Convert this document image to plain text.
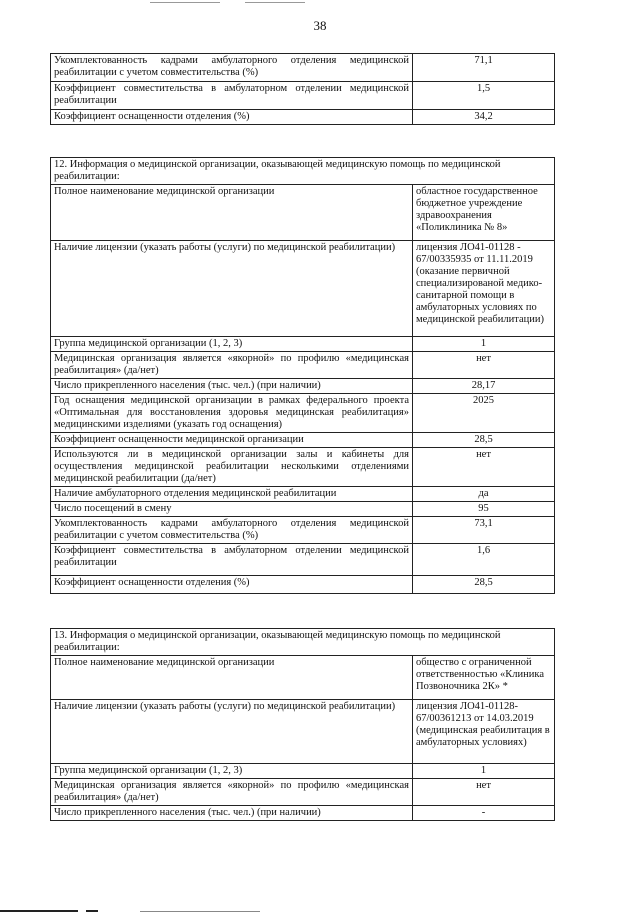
38
Укомплектованность кадрами амбулаторного отделения медицинской реабилитации с учетом совместительства (%)	71,1
Коэффициент совместительства в амбулаторном отделении медицинской реабилитации	1,5
Коэффициент оснащенности отделения (%)	34,2
12. Информация о медицинской организации, оказывающей медицинскую помощь по медицинской реабилитации:	
Полное наименование медицинской организации	областное государственное бюджетное учреждение здравоохранения «Поликлиника № 8»
Наличие лицензии (указать работы (услуги) по медицинской реабилитации)	лицензия ЛО41-01128 - 67/00335935 от 11.11.2019 (оказание первичной специализированой медико-санитарной помощи в амбулаторных условиях по медицинской реабилитации)
Группа медицинской организации (1, 2, 3)	1
Медицинская организация является «якорной» по профилю «медицинская реабилитация» (да/нет)	нет
Число прикрепленного населения (тыс. чел.) (при наличии)	28,17
Год оснащения медицинской организации в рамках федерального проекта «Оптимальная для восстановления здоровья медицинская реабилитация» медицинскими изделиями (указать год оснащения)	2025
Коэффициент оснащенности медицинской организации	28,5
Используются ли в медицинской организации залы и кабинеты для осуществления медицинской реабилитации несколькими отделениями медицинской реабилитации (да/нет)	нет
Наличие амбулаторного отделения медицинской реабилитации	да
Число посещений в смену	95
Укомплектованность кадрами амбулаторного отделения медицинской реабилитации с учетом совместительства (%)	73,1
Коэффициент совместительства в амбулаторном отделении медицинской реабилитации	1,6
Коэффициент оснащенности отделения (%)	28,5
13. Информация о медицинской организации, оказывающей медицинскую помощь по медицинской реабилитации:	
Полное наименование медицинской организации	общество с ограниченной ответственностью «Клиника Позвоночника 2К» *
Наличие лицензии (указать работы (услуги) по медицинской реабилитации)	лицензия ЛО41-01128-67/00361213 от 14.03.2019 (медицинская реабилитация в амбулаторных условиях)
Группа медицинской организации (1, 2, 3)	1
Медицинская организация является «якорной» по профилю «медицинская реабилитация» (да/нет)	нет
Число прикрепленного населения (тыс. чел.) (при наличии)	-
